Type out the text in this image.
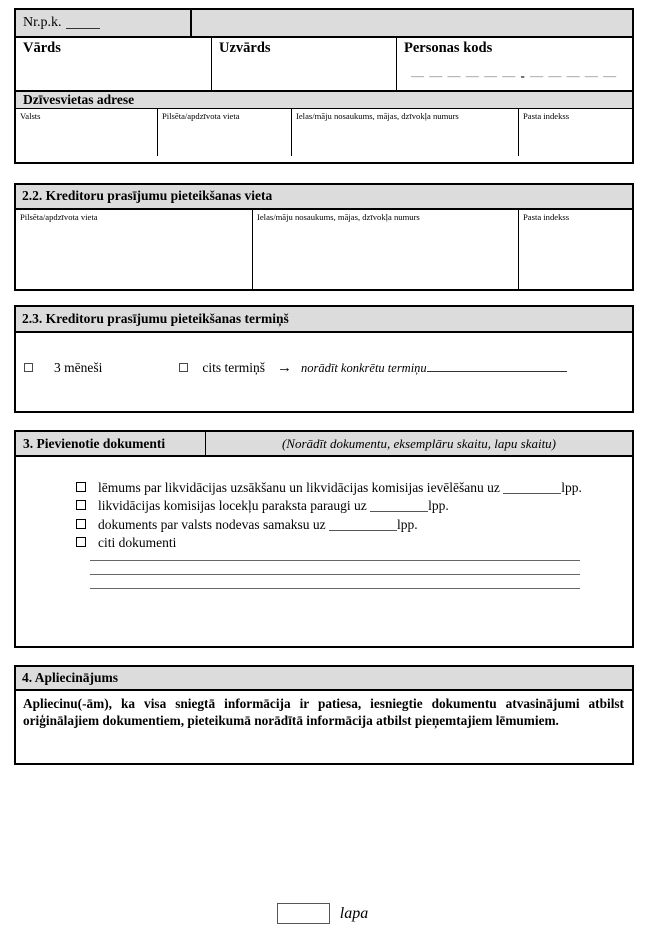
Nr.p.k.
Vārds	Uzvārds	Personas kods
— — — — — — - — — — — —
Dzīvesvietas adrese
Valsts	Pilsēta/apdzīvota vieta	Ielas/māju nosaukums, mājas, dzīvokļa numurs	Pasta indekss
2.2. Kreditoru prasījumu pieteikšanas vieta
Pilsēta/apdzīvota vieta	Ielas/māju nosaukums, mājas, dzīvokļa numurs	Pasta indekss
2.3. Kreditoru prasījumu pieteikšanas termiņš
3 mēneši	cits termiņš → norādīt konkrētu termiņu
3. Pievienotie dokumenti	(Norādīt dokumentu, eksemplāru skaitu, lapu skaitu)
lēmums par likvidācijas uzsākšanu un likvidācijas komisijas ievēlēšanu uz	lpp.
likvidācijas komisijas locekļu paraksta paraugi uz	lpp.
dokuments par valsts nodevas samaksu uz	lpp.
citi dokumenti
4. Apliecinājums
Apliecinu(-ām), ka visa sniegtā informācija ir patiesa, iesniegtie dokumentu atvasinājumi atbilst oriģinālajiem dokumentiem, pieteikumā norādītā informācija atbilst pieņemtajiem lēmumiem.
lapa
